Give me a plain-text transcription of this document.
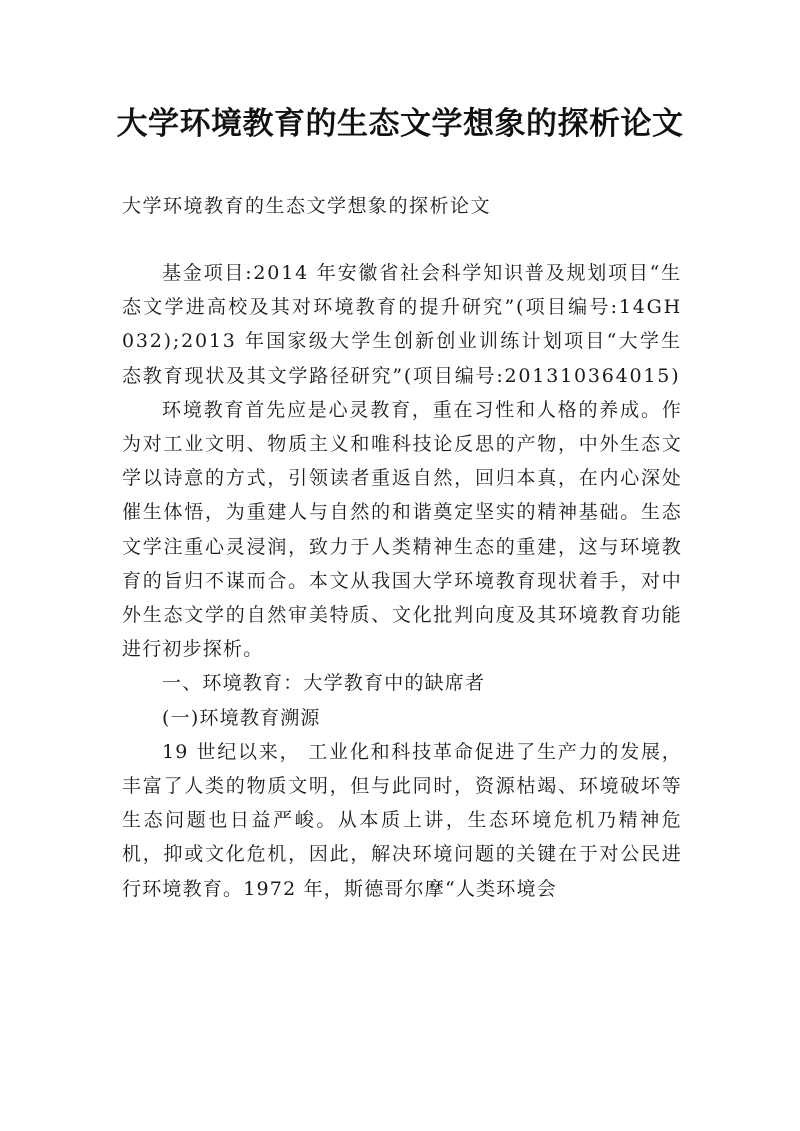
大学环境教育的生态文学想象的探析论文

大学环境教育的生态文学想象的探析论文

基金项目:2014 年安徽省社会科学知识普及规划项目“生态文学进高校及其对环境教育的提升研究”(项目编号:14GH032);2013 年国家级大学生创新创业训练计划项目“大学生态教育现状及其文学路径研究”(项目编号:201310364015)

环境教育首先应是心灵教育，重在习性和人格的养成。作为对工业文明、物质主义和唯科技论反思的产物，中外生态文学以诗意的方式，引领读者重返自然，回归本真，在内心深处催生体悟，为重建人与自然的和谐奠定坚实的精神基础。生态文学注重心灵浸润，致力于人类精神生态的重建，这与环境教育的旨归不谋而合。本文从我国大学环境教育现状着手，对中外生态文学的自然审美特质、文化批判向度及其环境教育功能进行初步探析。

一、环境教育：大学教育中的缺席者

(一)环境教育溯源

19 世纪以来， 工业化和科技革命促进了生产力的发展，丰富了人类的物质文明，但与此同时，资源枯竭、环境破坏等生态问题也日益严峻。从本质上讲，生态环境危机乃精神危机，抑或文化危机，因此，解决环境问题的关键在于对公民进行环境教育。1972 年，斯德哥尔摩“人类环境会
